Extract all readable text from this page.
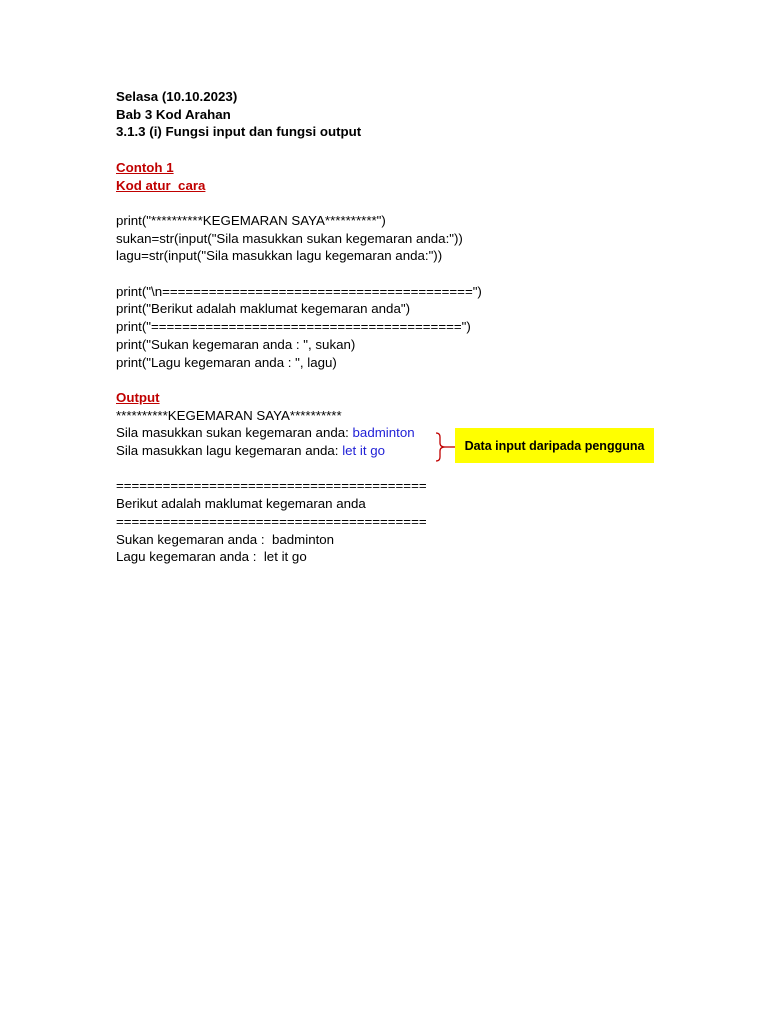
Selasa (10.10.2023)
Bab 3 Kod Arahan
3.1.3 (i) Fungsi input dan fungsi output
Contoh 1
Kod atur  cara
print("**********KEGEMARAN SAYA**********")
sukan=str(input("Sila masukkan sukan kegemaran anda:"))
lagu=str(input("Sila masukkan lagu kegemaran anda:"))
print("\n========================================")
print("Berikut adalah maklumat kegemaran anda")
print("========================================")
print("Sukan kegemaran anda : ", sukan)
print("Lagu kegemaran anda : ", lagu)
Output
**********KEGEMARAN SAYA**********
Sila masukkan sukan kegemaran anda: badminton
Sila masukkan lagu kegemaran anda: let it go
========================================
Berikut adalah maklumat kegemaran anda
========================================
Sukan kegemaran anda :  badminton
Lagu kegemaran anda :  let it go
Data input daripada pengguna
